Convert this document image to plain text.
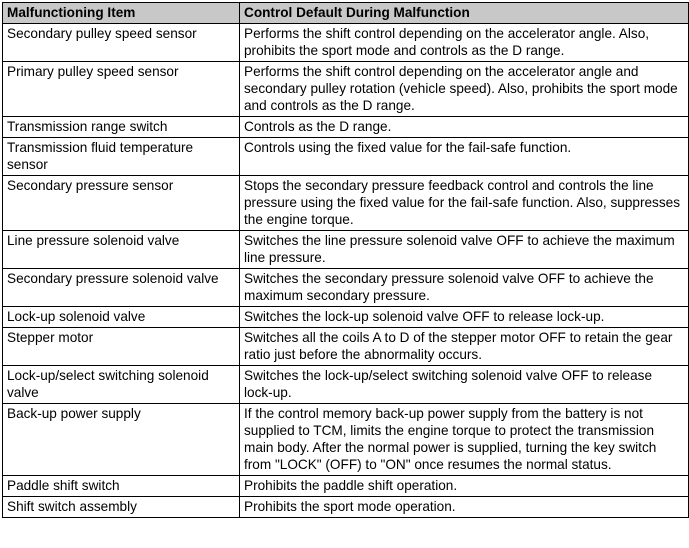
Malfunctioning Item	Control Default During Malfunction
Secondary pulley speed sensor	Performs the shift control depending on the accelerator angle. Also, prohibits the sport mode and controls as the D range.
Primary pulley speed sensor	Performs the shift control depending on the accelerator angle and secondary pulley rotation (vehicle speed). Also, prohibits the sport mode and controls as the D range.
Transmission range switch	Controls as the D range.
Transmission fluid temperature sensor	Controls using the fixed value for the fail-safe function.
Secondary pressure sensor	Stops the secondary pressure feedback control and controls the line pressure using the fixed value for the fail-safe function. Also, suppresses the engine torque.
Line pressure solenoid valve	Switches the line pressure solenoid valve OFF to achieve the maximum line pressure.
Secondary pressure solenoid valve	Switches the secondary pressure solenoid valve OFF to achieve the maximum secondary pressure.
Lock-up solenoid valve	Switches the lock-up solenoid valve OFF to release lock-up.
Stepper motor	Switches all the coils A to D of the stepper motor OFF to retain the gear ratio just before the abnormality occurs.
Lock-up/select switching solenoid valve	Switches the lock-up/select switching solenoid valve OFF to release lock-up.
Back-up power supply	If the control memory back-up power supply from the battery is not supplied to TCM, limits the engine torque to protect the transmission main body. After the normal power is supplied, turning the key switch from "LOCK" (OFF) to "ON" once resumes the normal status.
Paddle shift switch	Prohibits the paddle shift operation.
Shift switch assembly	Prohibits the sport mode operation.
